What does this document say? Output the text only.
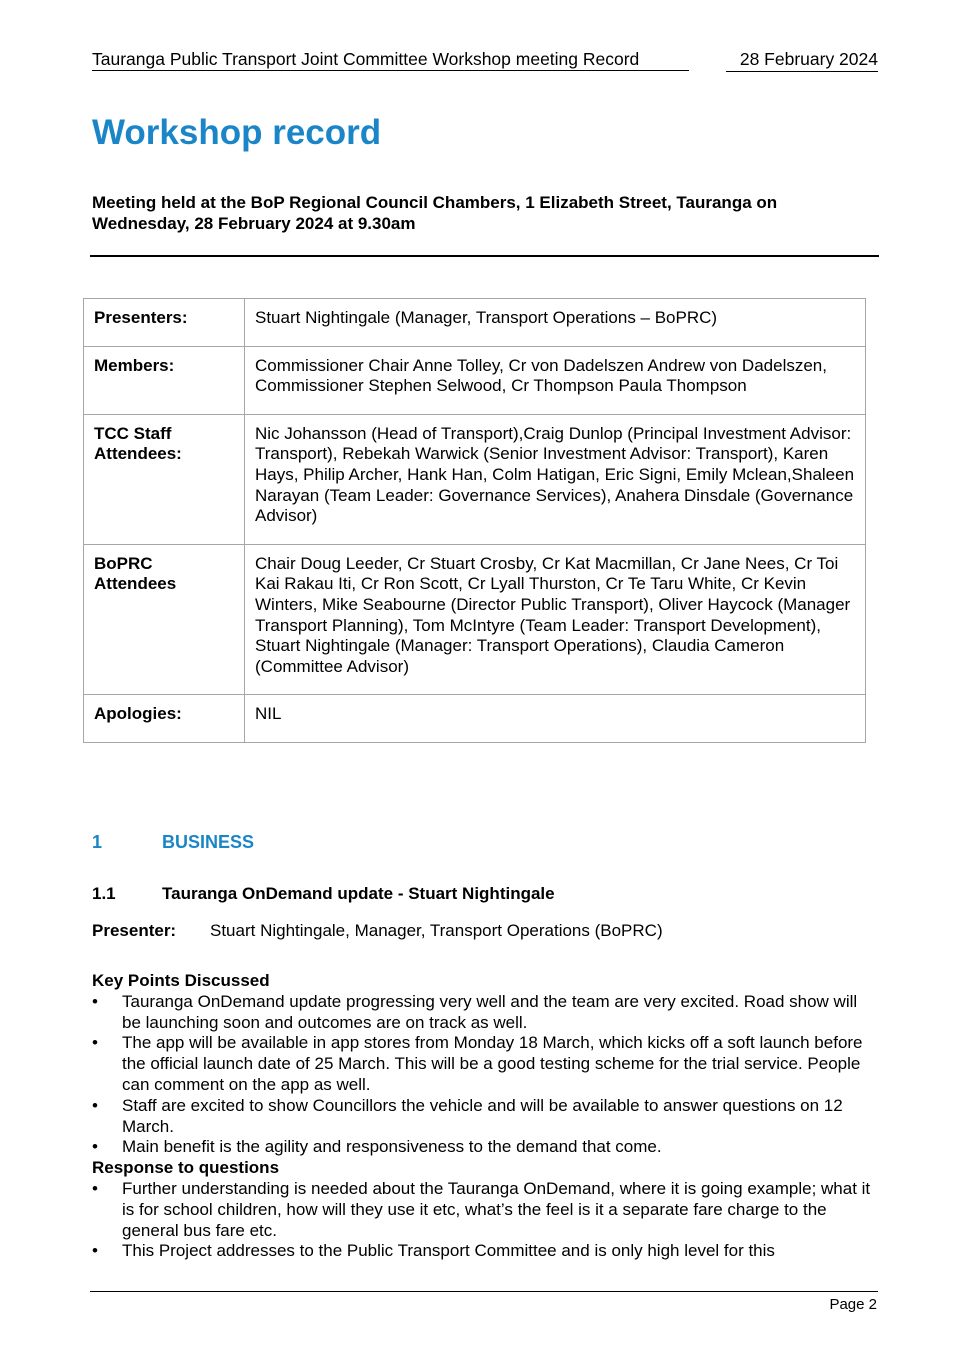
Tauranga Public Transport Joint Committee Workshop meeting Record	28 February 2024
Workshop record
Meeting held at the BoP Regional Council Chambers, 1 Elizabeth Street, Tauranga on Wednesday, 28 February 2024 at 9.30am
Presenters:	Stuart Nightingale (Manager, Transport Operations – BoPRC)
Members:	Commissioner Chair Anne Tolley, Cr von Dadelszen Andrew von Dadelszen, Commissioner Stephen Selwood, Cr Thompson Paula Thompson
TCC Staff Attendees:	Nic Johansson (Head of Transport),Craig Dunlop (Principal Investment Advisor: Transport), Rebekah Warwick (Senior Investment Advisor: Transport), Karen Hays, Philip Archer, Hank Han, Colm Hatigan, Eric Signi, Emily Mclean,Shaleen Narayan (Team Leader: Governance Services), Anahera Dinsdale (Governance Advisor)
BoPRC Attendees	Chair Doug Leeder, Cr Stuart Crosby, Cr Kat Macmillan, Cr Jane Nees, Cr Toi Kai Rakau Iti, Cr Ron Scott, Cr Lyall Thurston, Cr Te Taru White, Cr Kevin Winters, Mike Seabourne (Director Public Transport), Oliver Haycock (Manager Transport Planning), Tom McIntyre (Team Leader: Transport Development), Stuart Nightingale (Manager: Transport Operations), Claudia Cameron (Committee Advisor)
Apologies:	NIL
1	BUSINESS
1.1	Tauranga OnDemand update - Stuart Nightingale
Presenter: Stuart Nightingale, Manager, Transport Operations (BoPRC)
Key Points Discussed
• Tauranga OnDemand update progressing very well and the team are very excited. Road show will be launching soon and outcomes are on track as well.
• The app will be available in app stores from Monday 18 March, which kicks off a soft launch before the official launch date of 25 March. This will be a good testing scheme for the trial service. People can comment on the app as well.
• Staff are excited to show Councillors the vehicle and will be available to answer questions on 12 March.
• Main benefit is the agility and responsiveness to the demand that come.
Response to questions
• Further understanding is needed about the Tauranga OnDemand, where it is going example; what it is for school children, how will they use it etc, what’s the feel is it a separate fare charge to the general bus fare etc.
• This Project addresses to the Public Transport Committee and is only high level for this
Page 2
